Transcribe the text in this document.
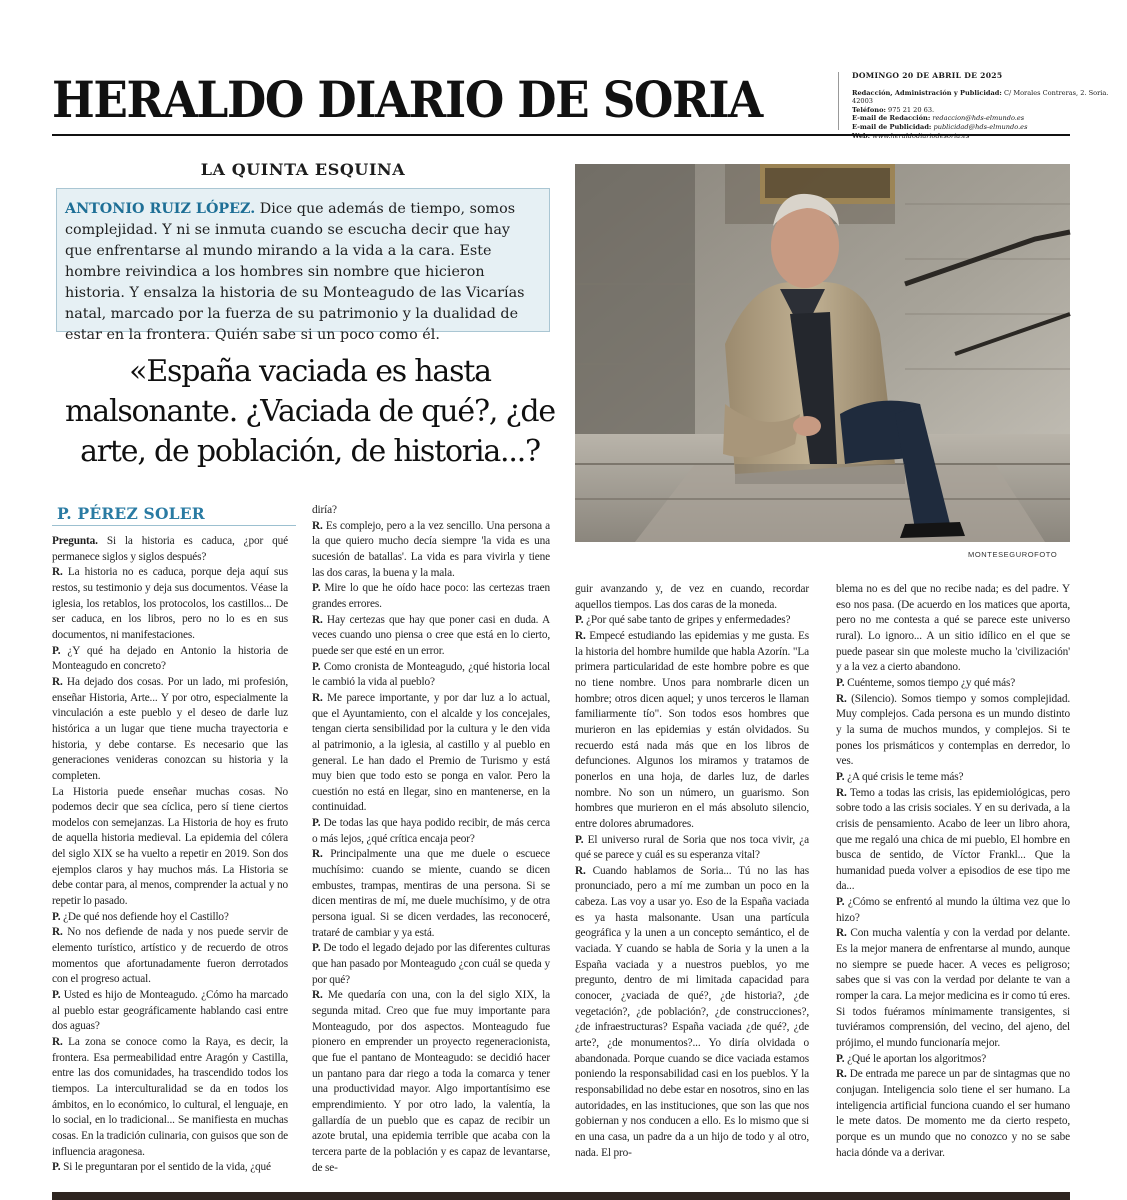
HERALDO DIARIO DE SORIA	DOMINGO 20 DE ABRIL DE 2025
Redacción, Administración y Publicidad: C/ Morales Contreras, 2. Soria. 42003
Teléfono: 975 21 20 63.
E-mail de Redacción: redaccion@hds-elmundo.es
E-mail de Publicidad: publicidad@hds-elmundo.es
LA QUINTA ESQUINA
ANTONIO RUIZ LÓPEZ. Dice que además de tiempo, somos complejidad. Y ni se inmuta cuando se escucha decir que hay que enfrentarse al mundo mirando a la vida a la cara. Este hombre reivindica a los hombres sin nombre que hicieron historia. Y ensalza la historia de su Monteagudo de las Vicarías natal, marcado por la fuerza de su patrimonio y la dualidad de estar en la frontera. Quién sabe si un poco como él.
«España vaciada es hasta malsonante. ¿Vaciada de qué?, ¿de arte, de población, de historia...?
P. PÉREZ SOLER
MONTESEGUROFOTO

Pregunta. Si la historia es caduca, ¿por qué permanece siglos y siglos después?

R. La historia no es caduca, porque deja aquí sus restos, su testimonio y deja sus documentos. Véase la iglesia, los retablos, los protocolos, los castillos... De ser caduca, en los libros, pero no lo es en sus documentos, ni manifestaciones.

P. ¿Y qué ha dejado en Antonio la historia de Monteagudo en concreto?

R. Ha dejado dos cosas. Por un lado, mi profesión, enseñar Historia, Arte... Y por otro, especialmente la vinculación a este pueblo y el deseo de darle luz histórica a un lugar que tiene mucha trayectoria e historia, y debe contarse. Es necesario que las generaciones venideras conozcan su historia y la completen.

La Historia puede enseñar muchas cosas. No podemos decir que sea cíclica, pero sí tiene ciertos modelos con semejanzas. La Historia de hoy es fruto de aquella historia medieval. La epidemia del cólera del siglo XIX se ha vuelto a repetir en 2019. Son dos ejemplos claros y hay muchos más. La Historia se debe contar para, al menos, comprender la actual y no repetir lo pasado.

P. ¿De qué nos defiende hoy el Castillo?

R. No nos defiende de nada y nos puede servir de elemento turístico, artístico y de recuerdo de otros momentos que afortunadamente fueron derrotados con el progreso actual.

P. Usted es hijo de Monteagudo. ¿Cómo ha marcado al pueblo estar geográficamente hablando casi entre dos aguas?

R. La zona se conoce como la Raya, es decir, la frontera. Esa permeabilidad entre Aragón y Castilla, entre las dos comunidades, ha trascendido todos los tiempos. La interculturalidad se da en todos los ámbitos, en lo económico, lo cultural, el lenguaje, en lo social, en lo tradicional... Se manifiesta en muchas cosas. En la tradición culinaria, con guisos que son de influencia aragonesa.

P. Si le preguntaran por el sentido de la vida, ¿qué

diría?

R. Es complejo, pero a la vez sencillo. Una persona a la que quiero mucho decía siempre 'la vida es una sucesión de batallas'. La vida es para vivirla y tiene las dos caras, la buena y la mala.

P. Mire lo que he oído hace poco: las certezas traen grandes errores.

R. Hay certezas que hay que poner casi en duda. A veces cuando uno piensa o cree que está en lo cierto, puede ser que esté en un error.

P. Como cronista de Monteagudo, ¿qué historia local le cambió la vida al pueblo?

R. Me parece importante, y por dar luz a lo actual, que el Ayuntamiento, con el alcalde y los concejales, tengan cierta sensibilidad por la cultura y le den vida al patrimonio, a la iglesia, al castillo y al pueblo en general. Le han dado el Premio de Turismo y está muy bien que todo esto se ponga en valor. Pero la cuestión no está en llegar, sino en mantenerse, en la continuidad.

P. De todas las que haya podido recibir, de más cerca o más lejos, ¿qué crítica encaja peor?

R. Principalmente una que me duele o escuece muchísimo: cuando se miente, cuando se dicen embustes, trampas, mentiras de una persona. Si se dicen mentiras de mí, me duele muchísimo, y de otra persona igual. Si se dicen verdades, las reconoceré, trataré de cambiar y ya está.

P. De todo el legado dejado por las diferentes culturas que han pasado por Monteagudo ¿con cuál se queda y por qué?

R. Me quedaría con una, con la del siglo XIX, la segunda mitad. Creo que fue muy importante para Monteagudo, por dos aspectos. Monteagudo fue pionero en emprender un proyecto regeneracionista, que fue el pantano de Monteagudo: se decidió hacer un pantano para dar riego a toda la comarca y tener una productividad mayor. Algo importantísimo ese emprendimiento. Y por otro lado, la valentía, la gallardía de un pueblo que es capaz de recibir un azote brutal, una epidemia terrible que acaba con la tercera parte de la población y es capaz de levantarse, de se-

guir avanzando y, de vez en cuando, recordar aquellos tiempos. Las dos caras de la moneda.

P. ¿Por qué sabe tanto de gripes y enfermedades?

R. Empecé estudiando las epidemias y me gusta. Es la historia del hombre humilde que habla Azorín. "La primera particularidad de este hombre pobre es que no tiene nombre. Unos para nombrarle dicen un hombre; otros dicen aquel; y unos terceros le llaman familiarmente tío". Son todos esos hombres que murieron en las epidemias y están olvidados. Su recuerdo está nada más que en los libros de defunciones. Algunos los miramos y tratamos de ponerlos en una hoja, de darles luz, de darles nombre. No son un número, un guarismo. Son hombres que murieron en el más absoluto silencio, entre dolores abrumadores.

P. El universo rural de Soria que nos toca vivir, ¿a qué se parece y cuál es su esperanza vital?

R. Cuando hablamos de Soria... Tú no las has pronunciado, pero a mí me zumban un poco en la cabeza. Las voy a usar yo. Eso de la España vaciada es ya hasta malsonante. Usan una partícula geográfica y la unen a un concepto semántico, el de vaciada. Y cuando se habla de Soria y la unen a la España vaciada y a nuestros pueblos, yo me pregunto, dentro de mi limitada capacidad para conocer, ¿vaciada de qué?, ¿de historia?, ¿de vegetación?, ¿de población?, ¿de construcciones?, ¿de infraestructuras? España vaciada ¿de qué?, ¿de arte?, ¿de monumentos?... Yo diría olvidada o abandonada. Porque cuando se dice vaciada estamos poniendo la responsabilidad casi en los pueblos. Y la responsabilidad no debe estar en nosotros, sino en las autoridades, en las instituciones, que son las que nos gobiernan y nos conducen a ello. Es lo mismo que si en una casa, un padre da a un hijo de todo y al otro, nada. El pro-

blema no es del que no recibe nada; es del padre. Y eso nos pasa. (De acuerdo en los matices que aporta, pero no me contesta a qué se parece este universo rural). Lo ignoro... A un sitio idílico en el que se puede pasear sin que moleste mucho la 'civilización' y a la vez a cierto abandono.

P. Cuénteme, somos tiempo ¿y qué más?

R. (Silencio). Somos tiempo y somos complejidad. Muy complejos. Cada persona es un mundo distinto y la suma de muchos mundos, y complejos. Si te pones los prismáticos y contemplas en derredor, lo ves.

P. ¿A qué crisis le teme más?

R. Temo a todas las crisis, las epidemiológicas, pero sobre todo a las crisis sociales. Y en su derivada, a la crisis de pensamiento. Acabo de leer un libro ahora, que me regaló una chica de mi pueblo, El hombre en busca de sentido, de Víctor Frankl... Que la humanidad pueda volver a episodios de ese tipo me da...

P. ¿Cómo se enfrentó al mundo la última vez que lo hizo?

R. Con mucha valentía y con la verdad por delante. Es la mejor manera de enfrentarse al mundo, aunque no siempre se puede hacer. A veces es peligroso; sabes que si vas con la verdad por delante te van a romper la cara. La mejor medicina es ir como tú eres. Si todos fuéramos mínimamente transigentes, si tuviéramos comprensión, del vecino, del ajeno, del prójimo, el mundo funcionaría mejor.

P. ¿Qué le aportan los algoritmos?

R. De entrada me parece un par de sintagmas que no conjugan. Inteligencia solo tiene el ser humano. La inteligencia artificial funciona cuando el ser humano le mete datos. De momento me da cierto respeto, porque es un mundo que no conozco y no se sabe hacia dónde va a derivar.
